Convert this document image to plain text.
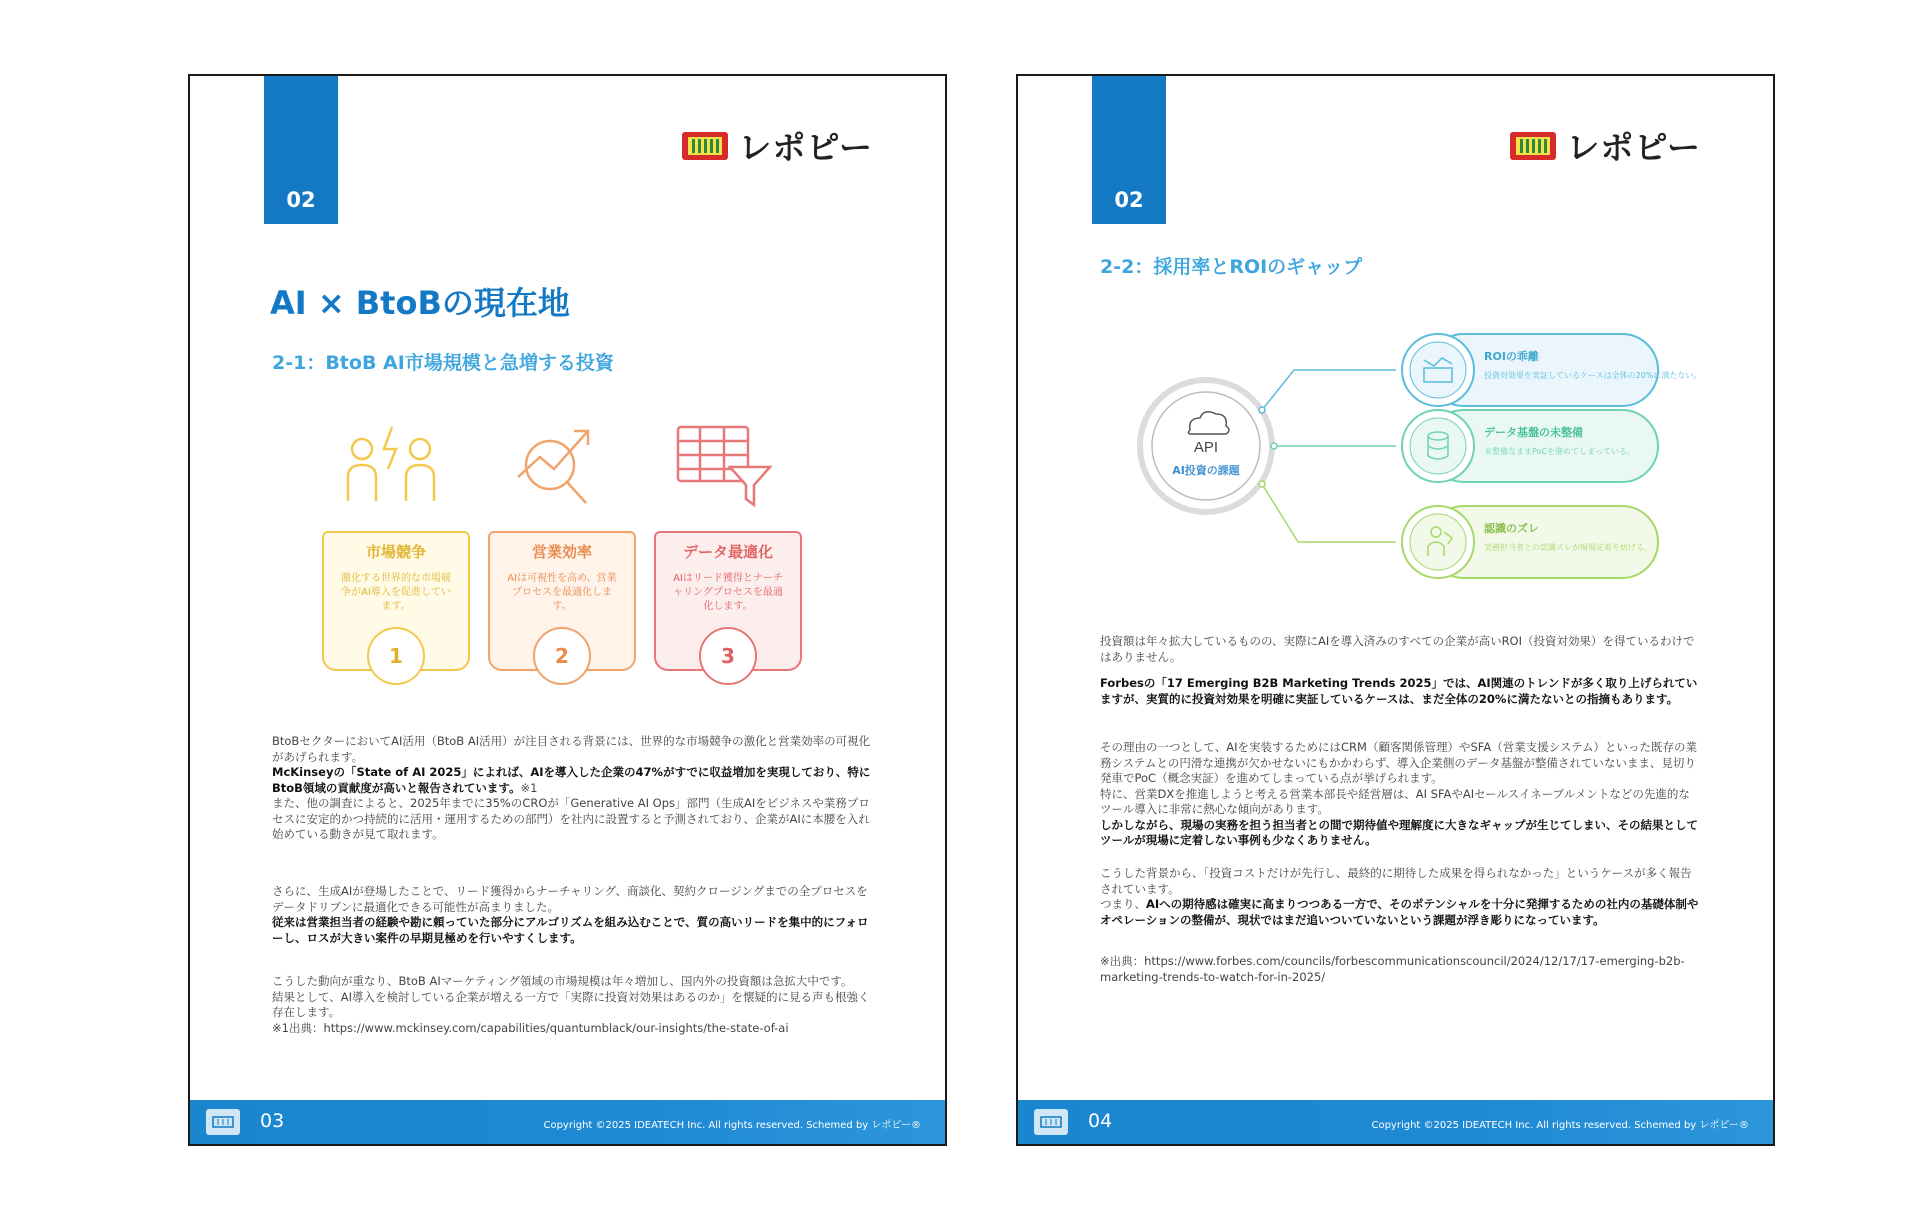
02
レポピー
AI × BtoBの現在地
2-1：BtoB AI市場規模と急増する投資
市場競争
激化する世界的な市場競争がAI導入を促進しています。
1
営業効率
AIは可視性を高め、営業プロセスを最適化します。
2
データ最適化
AIはリード獲得とナーチャリングプロセスを最適化します。
3

BtoBセクターにおいてAI活用（BtoB AI活用）が注目される背景には、世界的な市場競争の激化と営業効率の可視化があげられます。

McKinseyの「State of AI 2025」によれば、AIを導入した企業の47%がすでに収益増加を実現しており、特にBtoB領域の貢献度が高いと報告されています。※1

また、他の調査によると、2025年までに35%のCROが「Generative AI Ops」部門（生成AIをビジネスや業務プロセスに安定的かつ持続的に活用・運用するための部門）を社内に設置すると予測されており、企業がAIに本腰を入れ始めている動きが見て取れます。

さらに、生成AIが登場したことで、リード獲得からナーチャリング、商談化、契約クロージングまでの全プロセスをデータドリブンに最適化できる可能性が高まりました。

従来は営業担当者の経験や勘に頼っていた部分にアルゴリズムを組み込むことで、質の高いリードを集中的にフォローし、ロスが大きい案件の早期見極めを行いやすくします。

こうした動向が重なり、BtoB AIマーケティング領域の市場規模は年々増加し、国内外の投資額は急拡大中です。

結果として、AI導入を検討している企業が増える一方で「実際に投資対効果はあるのか」を懐疑的に見る声も根強く存在します。

※1出典：https://www.mckinsey.com/capabilities/quantumblack/our-insights/the-state-of-ai

03	Copyright ©2025 IDEATECH Inc. All rights reserved. Schemed by レポピー®
02
レポピー
2-2：採用率とROIのギャップ
API
AI投資の課題
ROIの乖離
投資対効果を実証しているケースは全体の20%に満たない。
データ基盤の未整備
未整備なままPoCを進めてしまっている。
認識のズレ
実務担当者との認識ズレが現場定着を妨げる。

投資額は年々拡大しているものの、実際にAIを導入済みのすべての企業が高いROI（投資対効果）を得ているわけではありません。

Forbesの「17 Emerging B2B Marketing Trends 2025」では、AI関連のトレンドが多く取り上げられていますが、実質的に投資対効果を明確に実証しているケースは、まだ全体の20%に満たないとの指摘もあります。

その理由の一つとして、AIを実装するためにはCRM（顧客関係管理）やSFA（営業支援システム）といった既存の業務システムとの円滑な連携が欠かせないにもかかわらず、導入企業側のデータ基盤が整備されていないまま、見切り発車でPoC（概念実証）を進めてしまっている点が挙げられます。

特に、営業DXを推進しようと考える営業本部長や経営層は、AI SFAやAIセールスイネーブルメントなどの先進的なツール導入に非常に熱心な傾向があります。

しかしながら、現場の実務を担う担当者との間で期待値や理解度に大きなギャップが生じてしまい、その結果としてツールが現場に定着しない事例も少なくありません。

こうした背景から、「投資コストだけが先行し、最終的に期待した成果を得られなかった」というケースが多く報告されています。

つまり、AIへの期待感は確実に高まりつつある一方で、そのポテンシャルを十分に発揮するための社内の基礎体制やオペレーションの整備が、現状ではまだ追いついていないという課題が浮き彫りになっています。

※出典：https://www.forbes.com/councils/forbescommunicationscouncil/2024/12/17/17-emerging-b2b-marketing-trends-to-watch-for-in-2025/

04	Copyright ©2025 IDEATECH Inc. All rights reserved. Schemed by レポピー®
